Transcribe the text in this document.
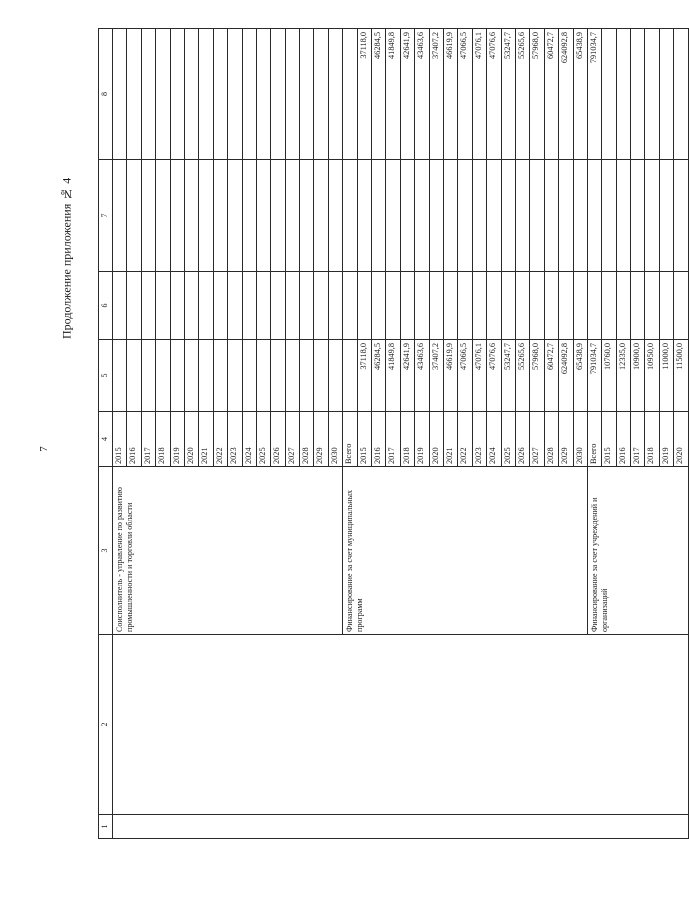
7
Продолжение приложения № 4
1	2	3	4	5	6	7	8	
		Соисполнитель - управление по развитию промышленности и торговли области	2015					
			2016					
			2017					
			2018					
			2019					
			2020					
			2021					
			2022					
			2023					
			2024					
			2025					
			2026					
			2027					
			2028					
			2029					
			2030					
		Финансирование за счет муниципальных программ	Всего					
			2015	37118,0			37118,0	
			2016	46284,5			46284,5	
			2017	41849,8			41849,8	
			2018	42641,9			42641,9	
			2019	43463,6			43463,6	
			2020	37407,2			37407,2	
			2021	46619,9			46619,9	
			2022	47066,5			47066,5	
			2023	47076,1			47076,1	
			2024	47076,6			47076,6	
			2025	53247,7			53247,7	
			2026	55265,6			55265,6	
			2027	57968,0			57968,0	
			2028	60472,7			60472,7	
			2029	624092,8			624092,8	
			2030	65438,9			65438,9	
		Финансирование за счет учреждений и организаций	Всего	791034,7			791034,7	
			2015	10760,0				
			2016	12335,0				
			2017	10900,0				
			2018	10950,0				
			2019	11000,0				
			2020	11500,0				
